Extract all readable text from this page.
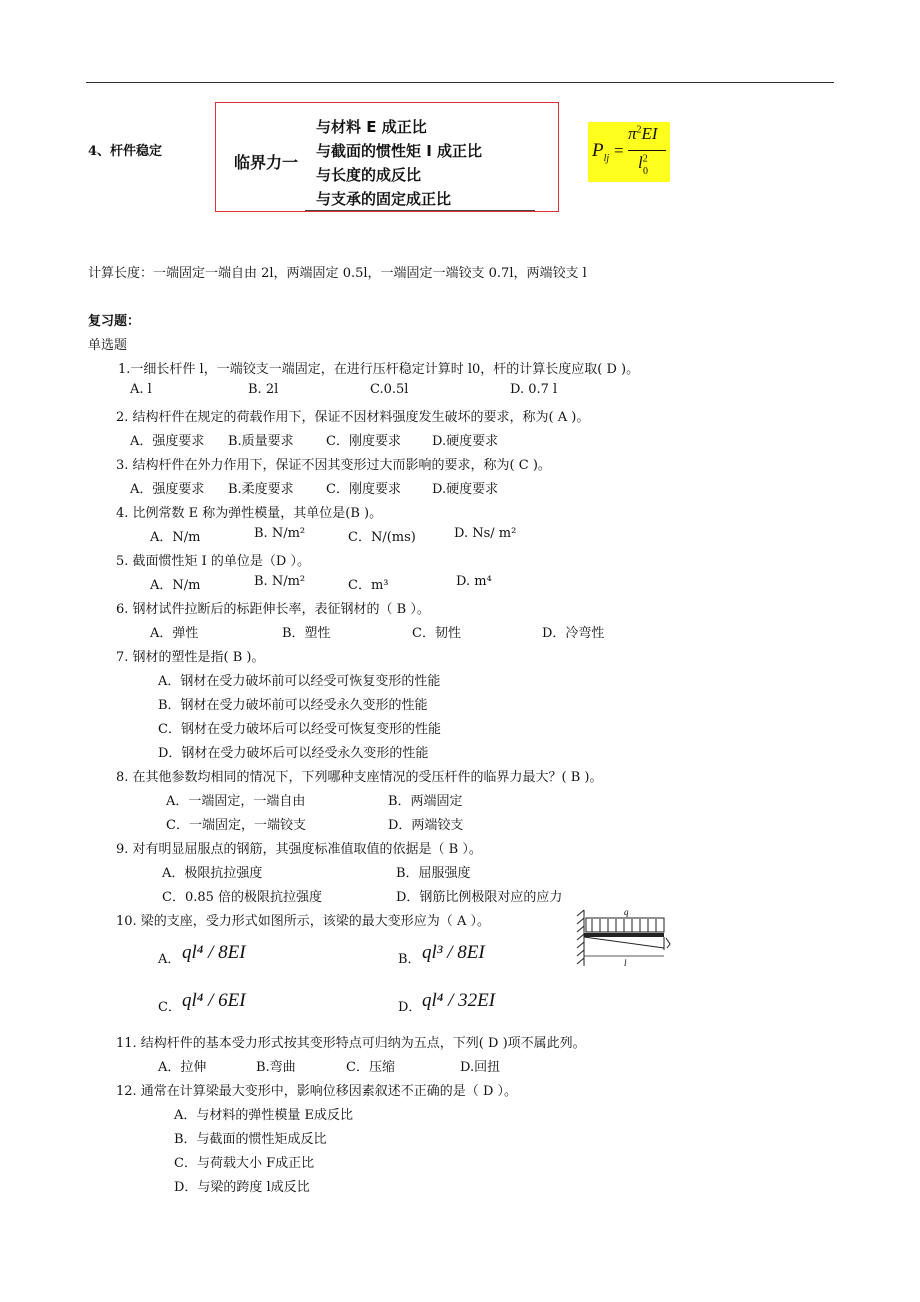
4、杆件稳定
临界力一
与材料 E 成正比
与截面的惯性矩 I 成正比
与长度的成反比
与支承的固定成正比
$P_{lj}$ =
$\pi^2EI$
$l^2$
0
计算长度：一端固定一端自由 2l，两端固定 0.5l，一端固定一端铰支 0.7l，两端铰支 l
复习题：
单选题
1.一细长杆件 l，一端铰支一端固定，在进行压杆稳定计算时 l0，杆的计算长度应取( D )。
A. l	B. 2l	C.0.5l	D. 0.7 l
2. 结构杆件在规定的荷载作用下，保证不因材料强度发生破坏的要求，称为( A )。
A．强度要求 B.质量要求 C．刚度要求 D.硬度要求
3. 结构杆件在外力作用下，保证不因其变形过大而影响的要求，称为( C )。
A．强度要求 B.柔度要求 C．刚度要求 D.硬度要求
4. 比例常数 E 称为弹性模量，其单位是(B )。
A．N/m	B. N/m²	C．N/(ms)	D. Ns/ m²
5. 截面惯性矩 I 的单位是（D ）。
A．N/m	B. N/m²	C．m³	D. m⁴
6. 钢材试件拉断后的标距伸长率，表征钢材的（ B ）。
A．弹性	B．塑性	C．韧性	D．冷弯性
7. 钢材的塑性是指( B )。
A．钢材在受力破坏前可以经受可恢复变形的性能
B．钢材在受力破坏前可以经受永久变形的性能
C．钢材在受力破坏后可以经受可恢复变形的性能
D．钢材在受力破坏后可以经受永久变形的性能
8. 在其他参数均相同的情况下，下列哪种支座情况的受压杆件的临界力最大？( B )。
A．一端固定，一端自由	B．两端固定
C．一端固定，一端铰支	D．两端铰支
9. 对有明显屈服点的钢筋，其强度标准值取值的依据是（ B ）。
A．极限抗拉强度	B．屈服强度
C．0.85 倍的极限抗拉强度	D．钢筋比例极限对应的应力
10. 梁的支座，受力形式如图所示，该梁的最大变形应为（ A ）。
A． ql⁴ / 8EI	B． ql³ / 8EI
C． ql⁴ / 6EI	D． ql⁴ / 32EI
q
l
11. 结构杆件的基本受力形式按其变形特点可归纳为五点，下列( D )项不属此列。
A．拉伸	B.弯曲	C．压缩	D.回扭
12. 通常在计算梁最大变形中，影响位移因素叙述不正确的是（ D ）。
A．与材料的弹性模量 E成反比
B．与截面的惯性矩成反比
C．与荷载大小 F成正比
D．与梁的跨度 l成反比
